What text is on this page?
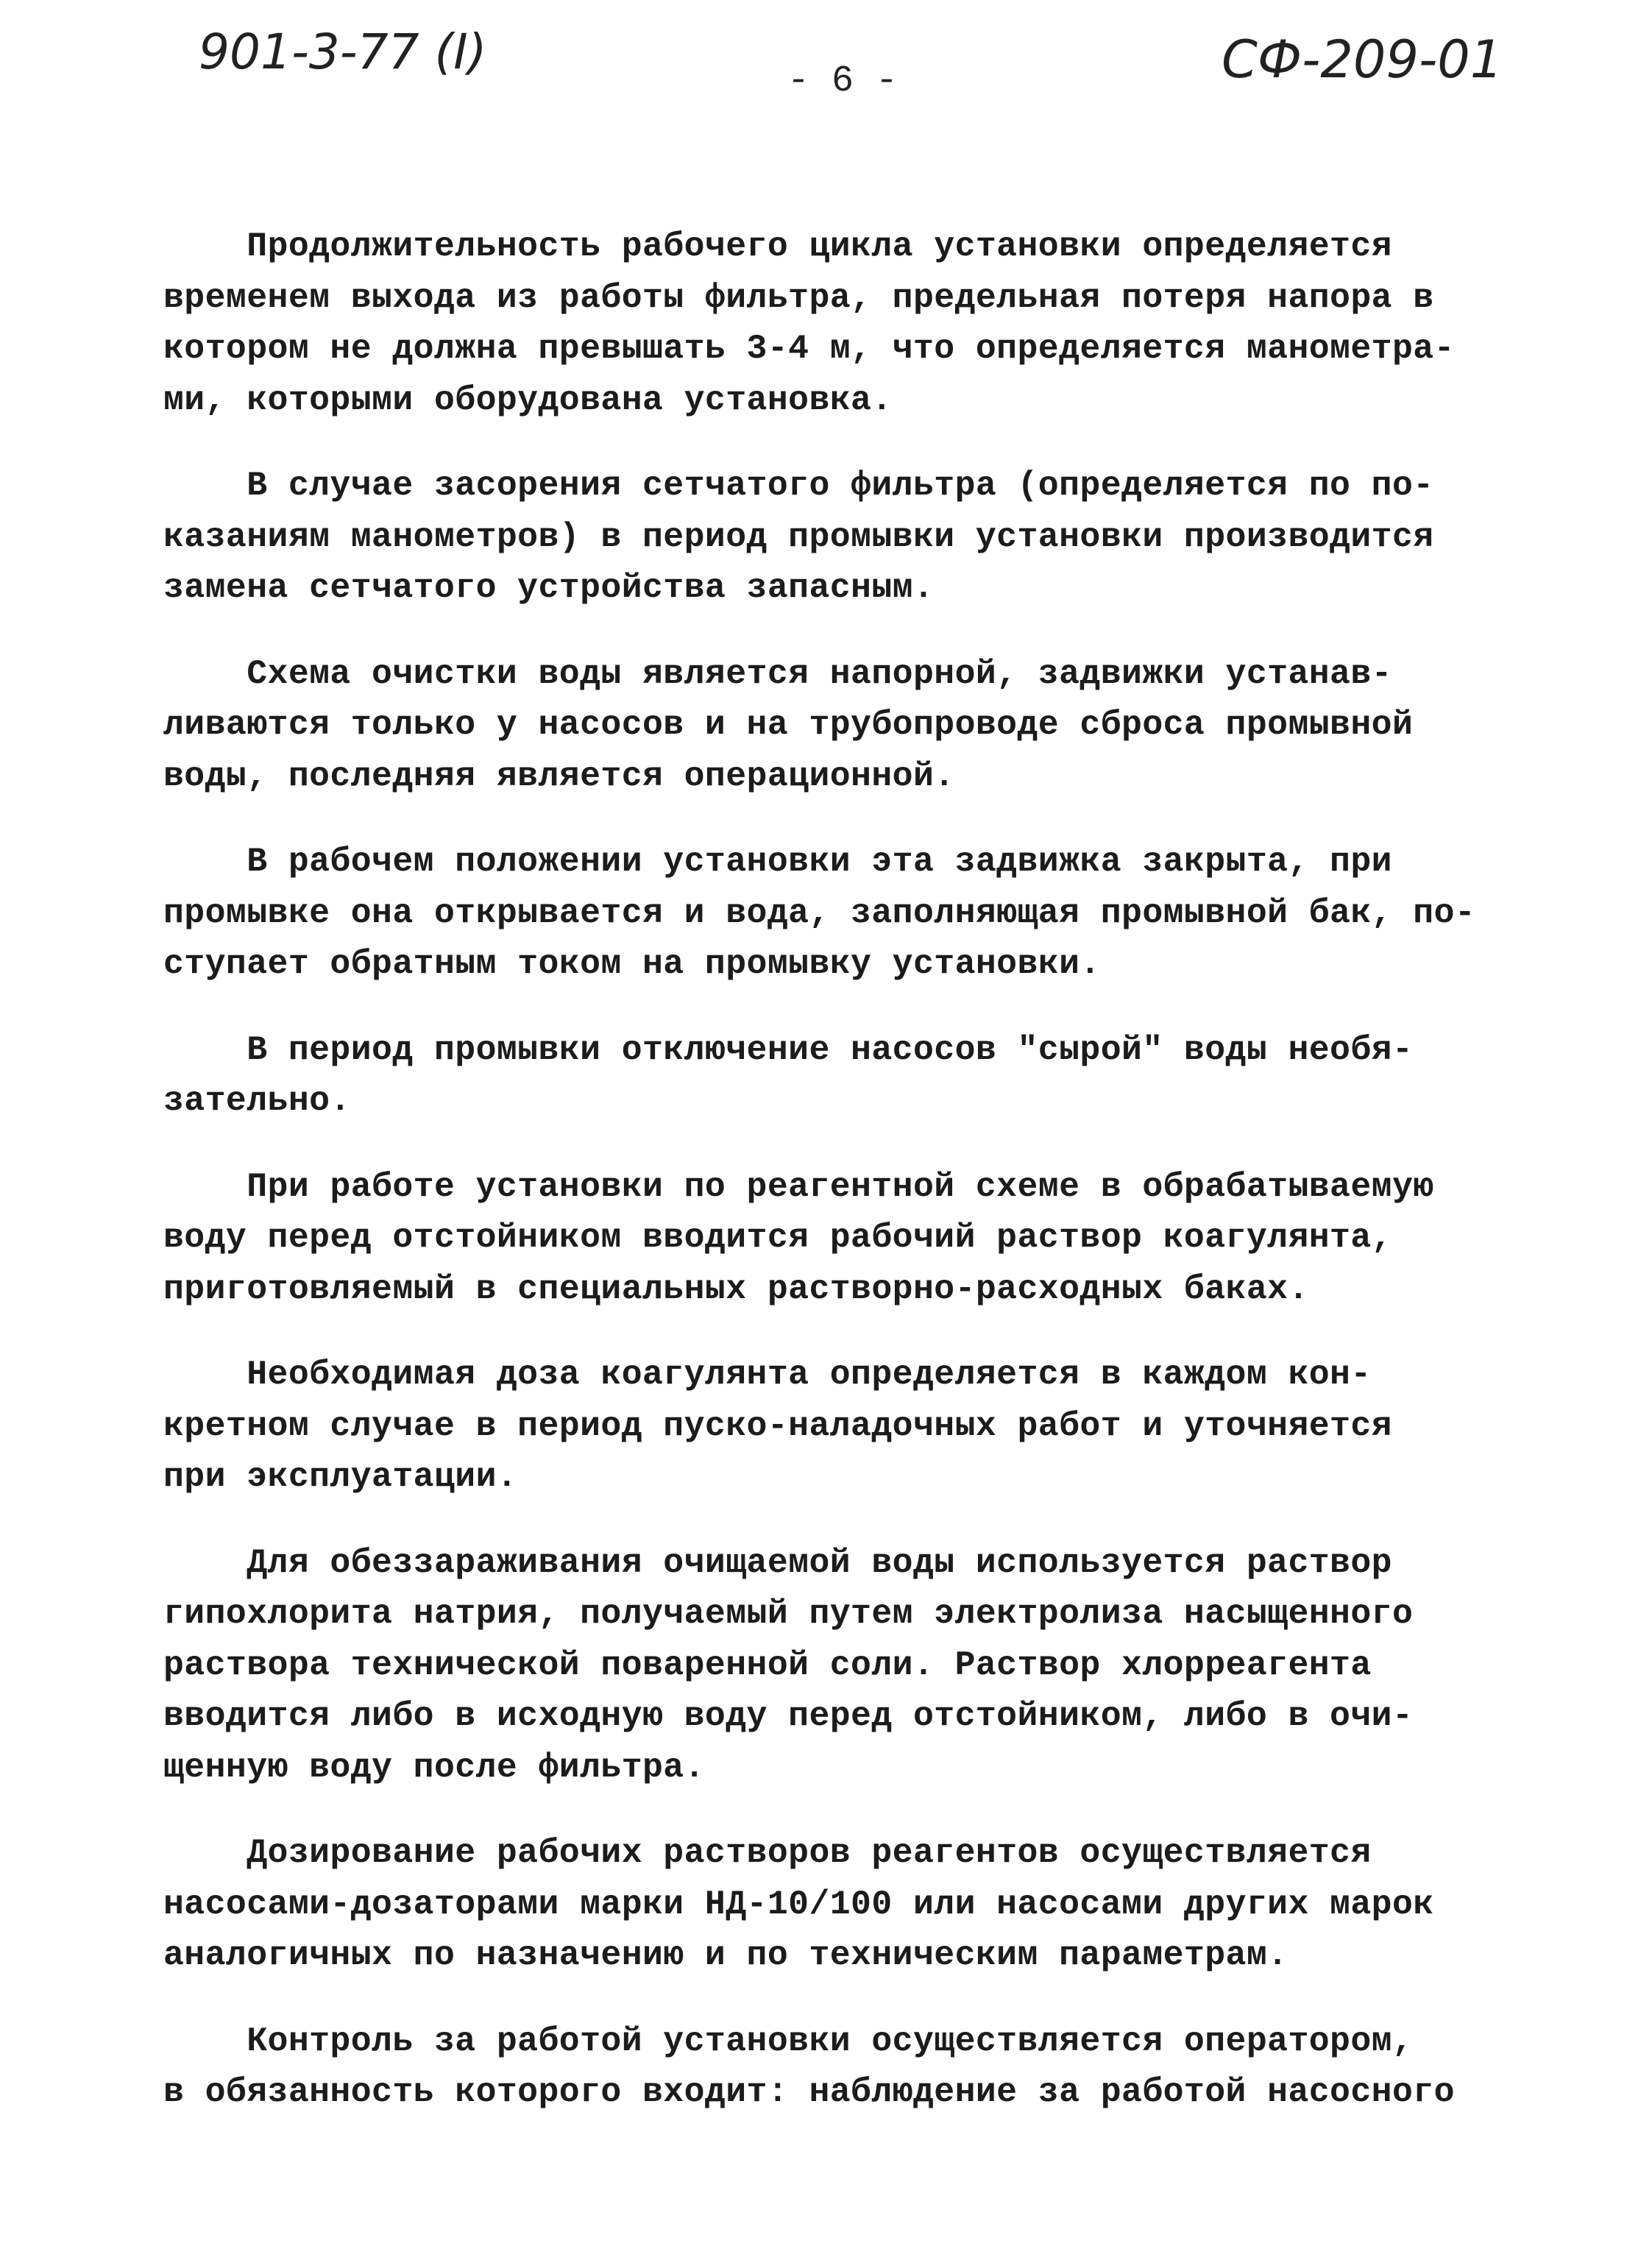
901-3-77 (I)
- 6 -	СФ-209-01
Продолжительность рабочего цикла установки определяется
временем выхода из работы фильтра, предельная потеря напора в
котором не должна превышать 3-4 м, что определяется манометра-
ми, которыми оборудована установка.
В случае засорения сетчатого фильтра (определяется по по-
казаниям манометров) в период промывки установки производится
замена сетчатого устройства запасным.
Схема очистки воды является напорной, задвижки устанав-
ливаются только у насосов и на трубопроводе сброса промывной
воды, последняя является операционной.
В рабочем положении установки эта задвижка закрыта, при
промывке она открывается и вода, заполняющая промывной бак, по-
ступает обратным током на промывку установки.
В период промывки отключение насосов "сырой" воды необя-
зательно.
При работе установки по реагентной схеме в обрабатываемую
воду перед отстойником вводится рабочий раствор коагулянта,
приготовляемый в специальных растворно-расходных баках.
Необходимая доза коагулянта определяется в каждом кон-
кретном случае в период пуско-наладочных работ и уточняется
при эксплуатации.
Для обеззараживания очищаемой воды используется раствор
гипохлорита натрия, получаемый путем электролиза насыщенного
раствора технической поваренной соли. Раствор хлорреагента
вводится либо в исходную воду перед отстойником, либо в очи-
щенную воду после фильтра.
Дозирование рабочих растворов реагентов осуществляется
насосами-дозаторами марки НД-10/100 или насосами других марок
аналогичных по назначению и по техническим параметрам.
Контроль за работой установки осуществляется оператором,
в обязанность которого входит: наблюдение за работой насосного
